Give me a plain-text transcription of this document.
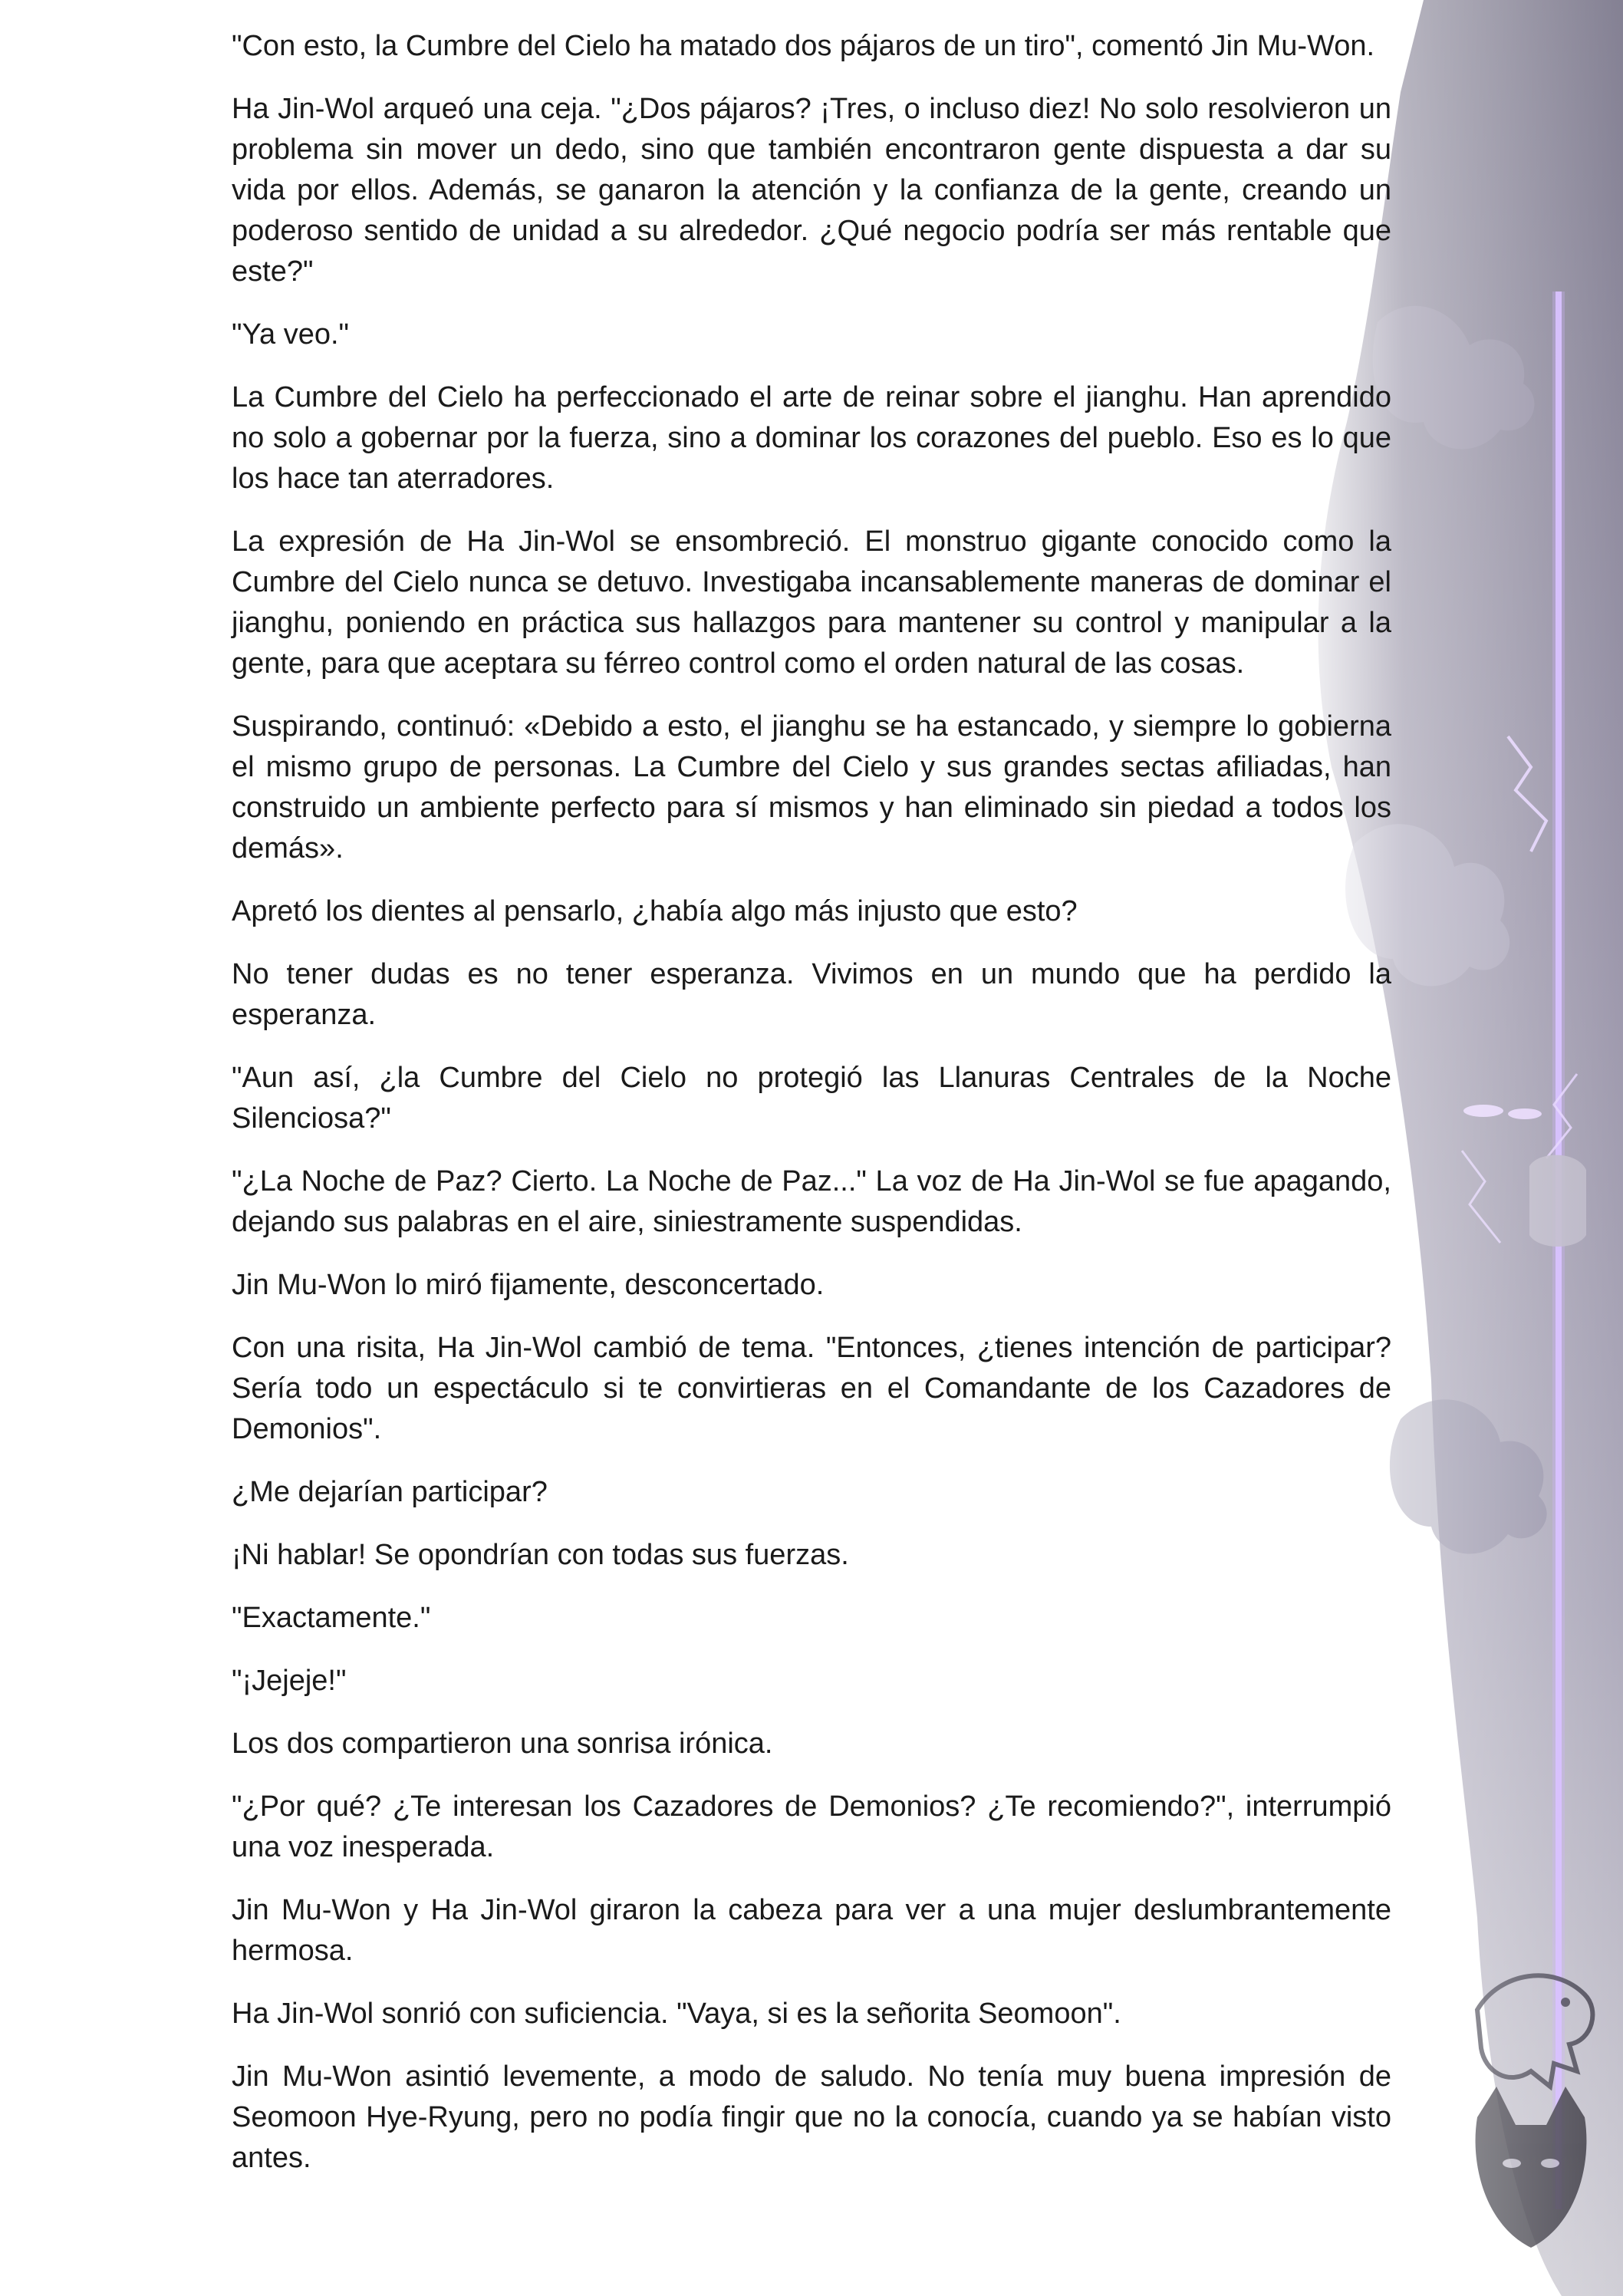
"Con esto, la Cumbre del Cielo ha matado dos pájaros de un tiro", comentó Jin Mu-Won.

Ha Jin-Wol arqueó una ceja. "¿Dos pájaros? ¡Tres, o incluso diez! No solo resolvieron un problema sin mover un dedo, sino que también encontraron gente dispuesta a dar su vida por ellos. Además, se ganaron la atención y la confianza de la gente, creando un poderoso sentido de unidad a su alrededor. ¿Qué negocio podría ser más rentable que este?"

"Ya veo."

La Cumbre del Cielo ha perfeccionado el arte de reinar sobre el jianghu. Han aprendido no solo a gobernar por la fuerza, sino a dominar los corazones del pueblo. Eso es lo que los hace tan aterradores.

La expresión de Ha Jin-Wol se ensombreció. El monstruo gigante conocido como la Cumbre del Cielo nunca se detuvo. Investigaba incansablemente maneras de dominar el jianghu, poniendo en práctica sus hallazgos para mantener su control y manipular a la gente, para que aceptara su férreo control como el orden natural de las cosas.

Suspirando, continuó: «Debido a esto, el jianghu se ha estancado, y siempre lo gobierna el mismo grupo de personas. La Cumbre del Cielo y sus grandes sectas afiliadas, han construido un ambiente perfecto para sí mismos y han eliminado sin piedad a todos los demás».

Apretó los dientes al pensarlo, ¿había algo más injusto que esto?

No tener dudas es no tener esperanza. Vivimos en un mundo que ha perdido la esperanza.

"Aun así, ¿la Cumbre del Cielo no protegió las Llanuras Centrales de la Noche Silenciosa?"

"¿La Noche de Paz? Cierto. La Noche de Paz..." La voz de Ha Jin-Wol se fue apagando, dejando sus palabras en el aire, siniestramente suspendidas.

Jin Mu-Won lo miró fijamente, desconcertado.

Con una risita, Ha Jin-Wol cambió de tema. "Entonces, ¿tienes intención de participar? Sería todo un espectáculo si te convirtieras en el Comandante de los Cazadores de Demonios".

¿Me dejarían participar?

¡Ni hablar! Se opondrían con todas sus fuerzas.

"Exactamente."

"¡Jejeje!"

Los dos compartieron una sonrisa irónica.

"¿Por qué? ¿Te interesan los Cazadores de Demonios? ¿Te recomiendo?", interrumpió una voz inesperada.

Jin Mu-Won y Ha Jin-Wol giraron la cabeza para ver a una mujer deslumbrantemente hermosa.

Ha Jin-Wol sonrió con suficiencia. "Vaya, si es la señorita Seomoon".

Jin Mu-Won asintió levemente, a modo de saludo. No tenía muy buena impresión de Seomoon Hye-Ryung, pero no podía fingir que no la conocía, cuando ya se habían visto antes.
